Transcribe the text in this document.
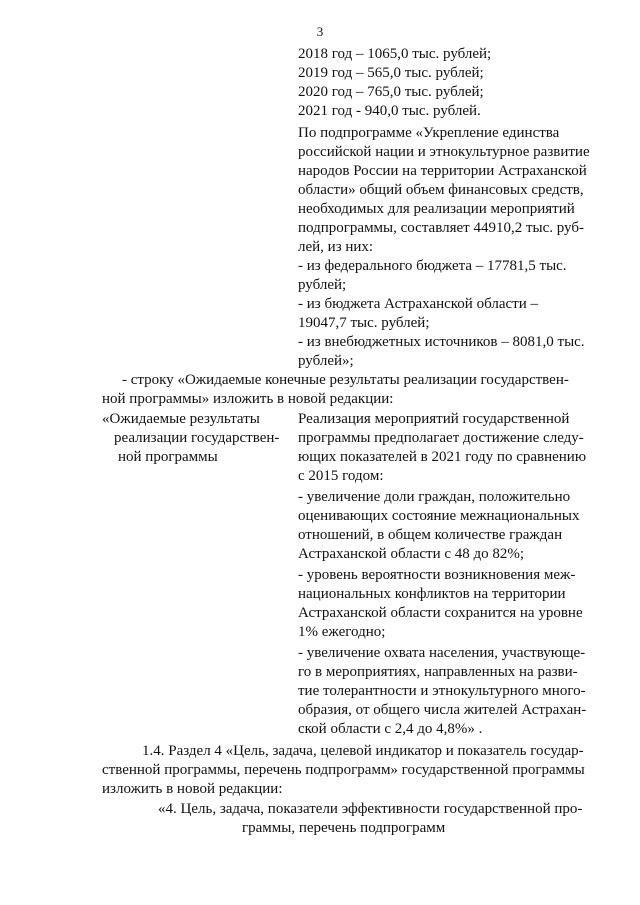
3
2018 год – 1065,0 тыс. рублей;
2019 год – 565,0 тыс. рублей;
2020 год – 765,0 тыс. рублей;
2021 год - 940,0 тыс. рублей.
По подпрограмме «Укрепление единства
российской нации и этнокультурное развитие
народов России на территории Астраханской
области» общий объем финансовых средств,
необходимых для реализации мероприятий
подпрограммы, составляет 44910,2 тыс. руб-
лей, из них:
- из федерального бюджета – 17781,5 тыс.
рублей;
- из бюджета Астраханской области –
19047,7 тыс. рублей;
- из внебюджетных источников – 8081,0 тыс.
рублей»;
- строку «Ожидаемые конечные результаты реализации государствен-
ной программы» изложить в новой редакции:
«Ожидаемые результаты
реализации государствен-
ной программы
Реализация мероприятий государственной
программы предполагает достижение следу-
ющих показателей в 2021 году по сравнению
с 2015 годом:
- увеличение доли граждан, положительно
оценивающих состояние межнациональных
отношений, в общем количестве граждан
Астраханской области с 48 до 82%;
- уровень вероятности возникновения меж-
национальных конфликтов на территории
Астраханской области сохранится на уровне
1% ежегодно;
- увеличение охвата населения, участвующе-
го в мероприятиях, направленных на разви-
тие толерантности и этнокультурного много-
образия, от общего числа жителей Астрахан-
ской области с 2,4 до 4,8%» .
1.4. Раздел 4 «Цель, задача, целевой индикатор и показатель государ-
ственной программы, перечень подпрограмм» государственной программы
изложить в новой редакции:
«4. Цель, задача, показатели эффективности государственной про-
граммы, перечень подпрограмм
